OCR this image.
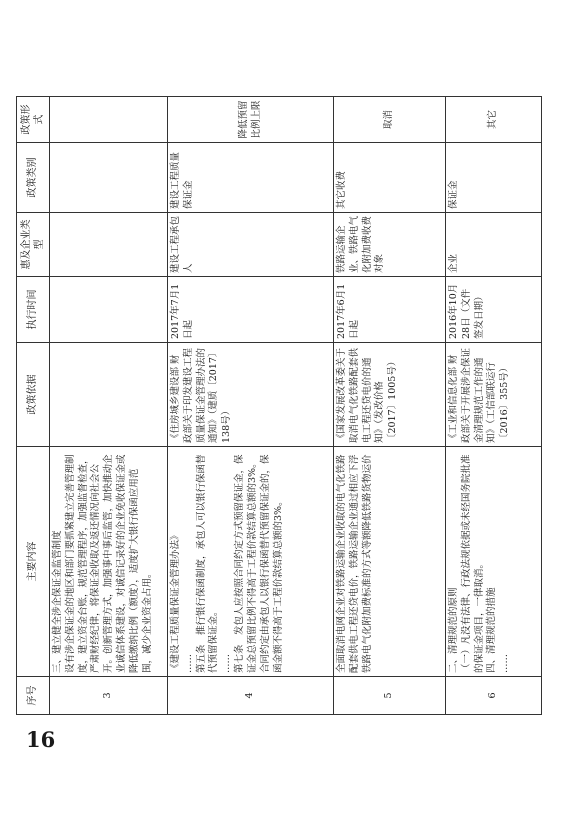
序号	主要内容	政策依据	执行时间	惠及企业类型	政策类别	政策形式
3	三、建立健全涉企保证金监管制度 设有涉企保证金的地区和部门要抓紧建立完善管理制度，建立资金台账，规范管理程序，加强监督检查，严肃财经纪律，将保证金收取及返还情况向社会公开。创新管理方式，加强事中事后监管，加快推动企业诚信体系建设，对诚信记录好的企业免收保证金或降低缴纳比例（额度），适度扩大银行保函应用范围，减少企业资金占用。					

4	《建设工程质量保证金管理办法》 …… 第五条　推行银行保函制度，承包人可以银行保函替代预留保证金。 …… 第七条　发包人应按照合同约定方式预留保证金，保证金总预留比例不得高于工程价款结算总额的3%。合同约定由承包人以银行保函替代预留保证金的，保函金额不得高于工程价款结算总额的3%。	《住房城乡建设部 财政部关于印发建设工程质量保证金管理办法的通知》（建质〔2017〕138号）	2017年7月1日起	建设工程承包人	建设工程质量保证金	降低预留比例上限
5	全面取消电网企业对铁路运输企业收取的电气化铁路配套供电工程还贷电价，铁路运输企业通过相应下浮铁路电气化附加费标准的方式等额降低铁路货物运价	《国家发展改革委关于取消电气化铁路配套供电工程还贷电价的通知》（发改价格〔2017〕1005号）	2017年6月1日起	铁路运输企业、铁路电气化附加费收费对象	其它收费	取消
6	二、清理规范的原则 （一）凡没有法律、行政法规依据或未经国务院批准的保证金项目，一律取消。 四、清理规范的措施 ……	《工业和信息化部 财政部关于开展涉企保证金清理规范工作的通知》（工信部联运行〔2016〕355号）	2016年10月28日（文件签发日期）	企业	保证金	其它
16
